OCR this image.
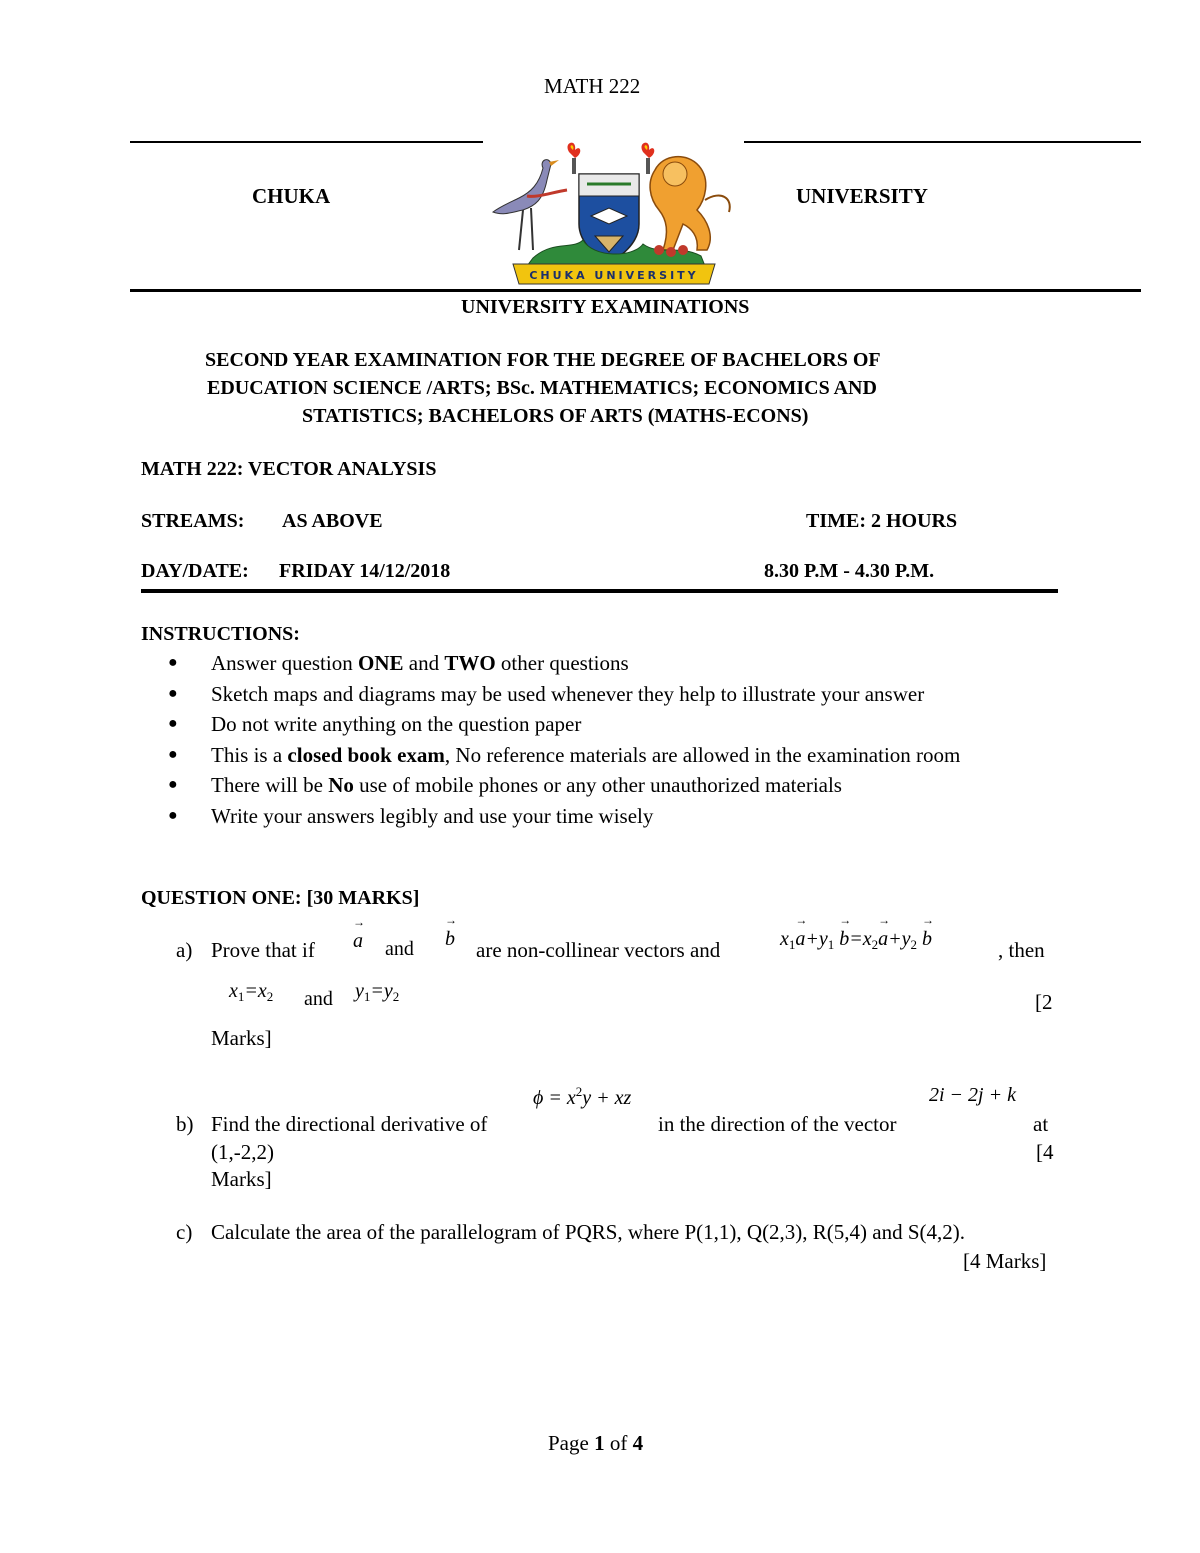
MATH 222
CHUKA	UNIVERSITY
CHUKA UNIVERSITY
UNIVERSITY EXAMINATIONS
SECOND YEAR EXAMINATION FOR THE DEGREE OF BACHELORS OF
EDUCATION SCIENCE /ARTS; BSc. MATHEMATICS; ECONOMICS AND
STATISTICS; BACHELORS OF ARTS (MATHS-ECONS)
MATH 222: VECTOR ANALYSIS
STREAMS: AS ABOVE	TIME: 2 HOURS
DAY/DATE: FRIDAY 14/12/2018	8.30 P.M - 4.30 P.M.
INSTRUCTIONS:
● Answer question ONE and TWO other questions
● Sketch maps and diagrams may be used whenever they help to illustrate your answer
● Do not write anything on the question paper
● This is a closed book exam, No reference materials are allowed in the examination room
● There will be No use of mobile phones or any other unauthorized materials
● Write your answers legibly and use your time wisely
QUESTION ONE: [30 MARKS]
a) Prove that if → a and → b are non-collinear vectors and	$x_1\to a+y_1 \to b=x_2\to a+y_2 \to b$	, then
$x_1=x_2$ and $y_1=y_2$	[2
Marks]
$\phi = x^2y$ + xz	2i − 2j + k
b) Find the directional derivative of	in the direction of the vector	at
(1,-2,2)	[4
Marks]
c) Calculate the area of the parallelogram of PQRS, where P(1,1), Q(2,3), R(5,4) and S(4,2).
[4 Marks]
Page 1 of 4
